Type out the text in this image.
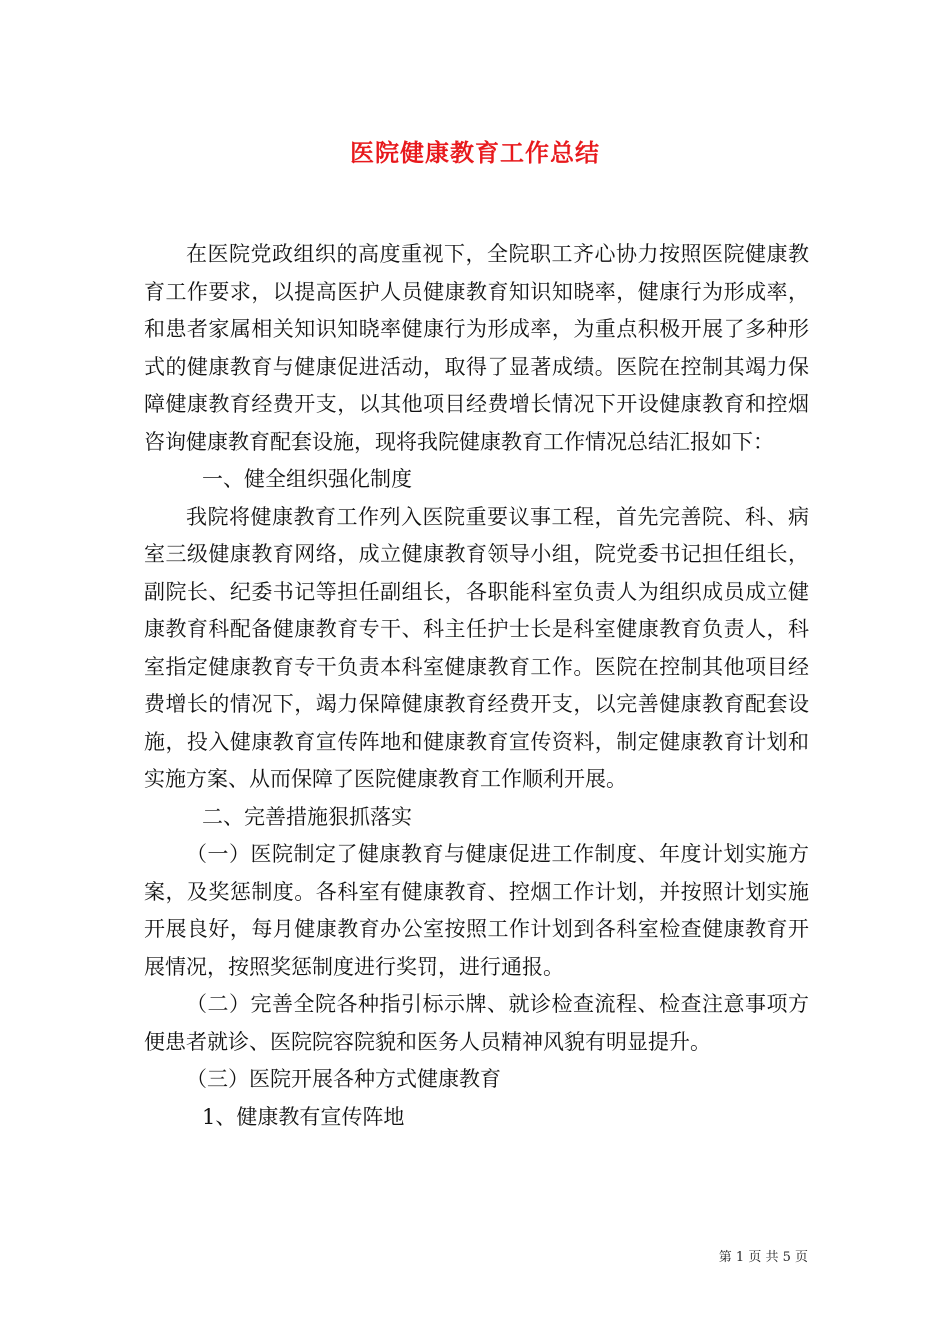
医院健康教育工作总结

在医院党政组织的高度重视下，全院职工齐心协力按照医院健康教育工作要求，以提高医护人员健康教育知识知晓率，健康行为形成率，和患者家属相关知识知晓率健康行为形成率，为重点积极开展了多种形式的健康教育与健康促进活动，取得了显著成绩。医院在控制其竭力保障健康教育经费开支，以其他项目经费增长情况下开设健康教育和控烟咨询健康教育配套设施，现将我院健康教育工作情况总结汇报如下：

一、健全组织强化制度

我院将健康教育工作列入医院重要议事工程，首先完善院、科、病室三级健康教育网络，成立健康教育领导小组，院党委书记担任组长，副院长、纪委书记等担任副组长，各职能科室负责人为组织成员成立健康教育科配备健康教育专干、科主任护士长是科室健康教育负责人，科室指定健康教育专干负责本科室健康教育工作。医院在控制其他项目经费增长的情况下，竭力保障健康教育经费开支，以完善健康教育配套设施，投入健康教育宣传阵地和健康教育宣传资料，制定健康教育计划和实施方案、从而保障了医院健康教育工作顺利开展。

二、完善措施狠抓落实

（一）医院制定了健康教育与健康促进工作制度、年度计划实施方案，及奖惩制度。各科室有健康教育、控烟工作计划，并按照计划实施开展良好，每月健康教育办公室按照工作计划到各科室检查健康教育开展情况，按照奖惩制度进行奖罚，进行通报。

（二）完善全院各种指引标示牌、就诊检查流程、检查注意事项方便患者就诊、医院院容院貌和医务人员精神风貌有明显提升。

（三）医院开展各种方式健康教育

1、健康教有宣传阵地

第 1 页 共 5 页
